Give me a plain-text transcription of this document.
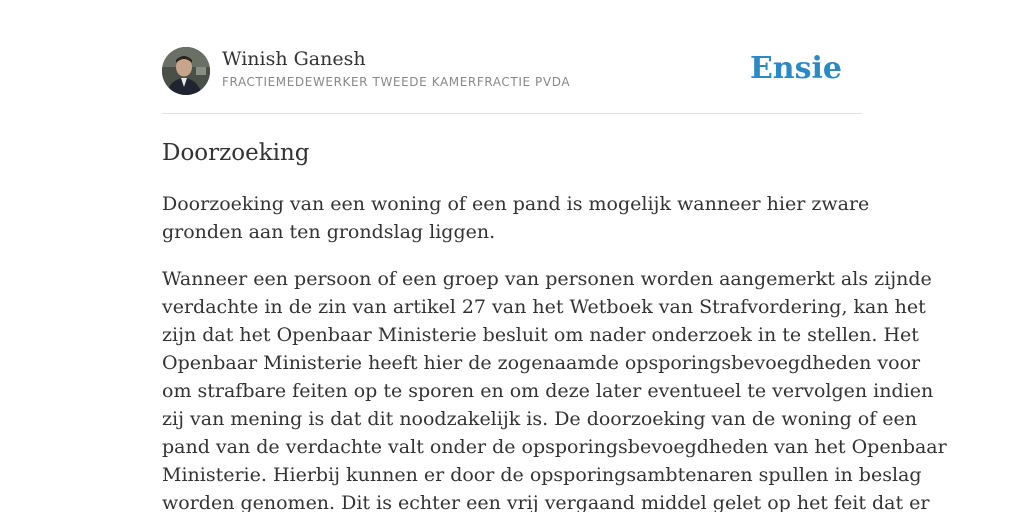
Winish Ganesh
FRACTIEMEDEWERKER TWEEDE KAMERFRACTIE PVDA	Ensie
Doorzoeking

Doorzoeking van een woning of een pand is mogelijk wanneer hier zware
gronden aan ten grondslag liggen.

Wanneer een persoon of een groep van personen worden aangemerkt als zijnde
verdachte in de zin van artikel 27 van het Wetboek van Strafvordering, kan het
zijn dat het Openbaar Ministerie besluit om nader onderzoek in te stellen. Het
Openbaar Ministerie heeft hier de zogenaamde opsporingsbevoegdheden voor
om strafbare feiten op te sporen en om deze later eventueel te vervolgen indien
zij van mening is dat dit noodzakelijk is. De doorzoeking van de woning of een
pand van de verdachte valt onder de opsporingsbevoegdheden van het Openbaar
Ministerie. Hierbij kunnen er door de opsporingsambtenaren spullen in beslag
worden genomen. Dit is echter een vrij vergaand middel gelet op het feit dat er
